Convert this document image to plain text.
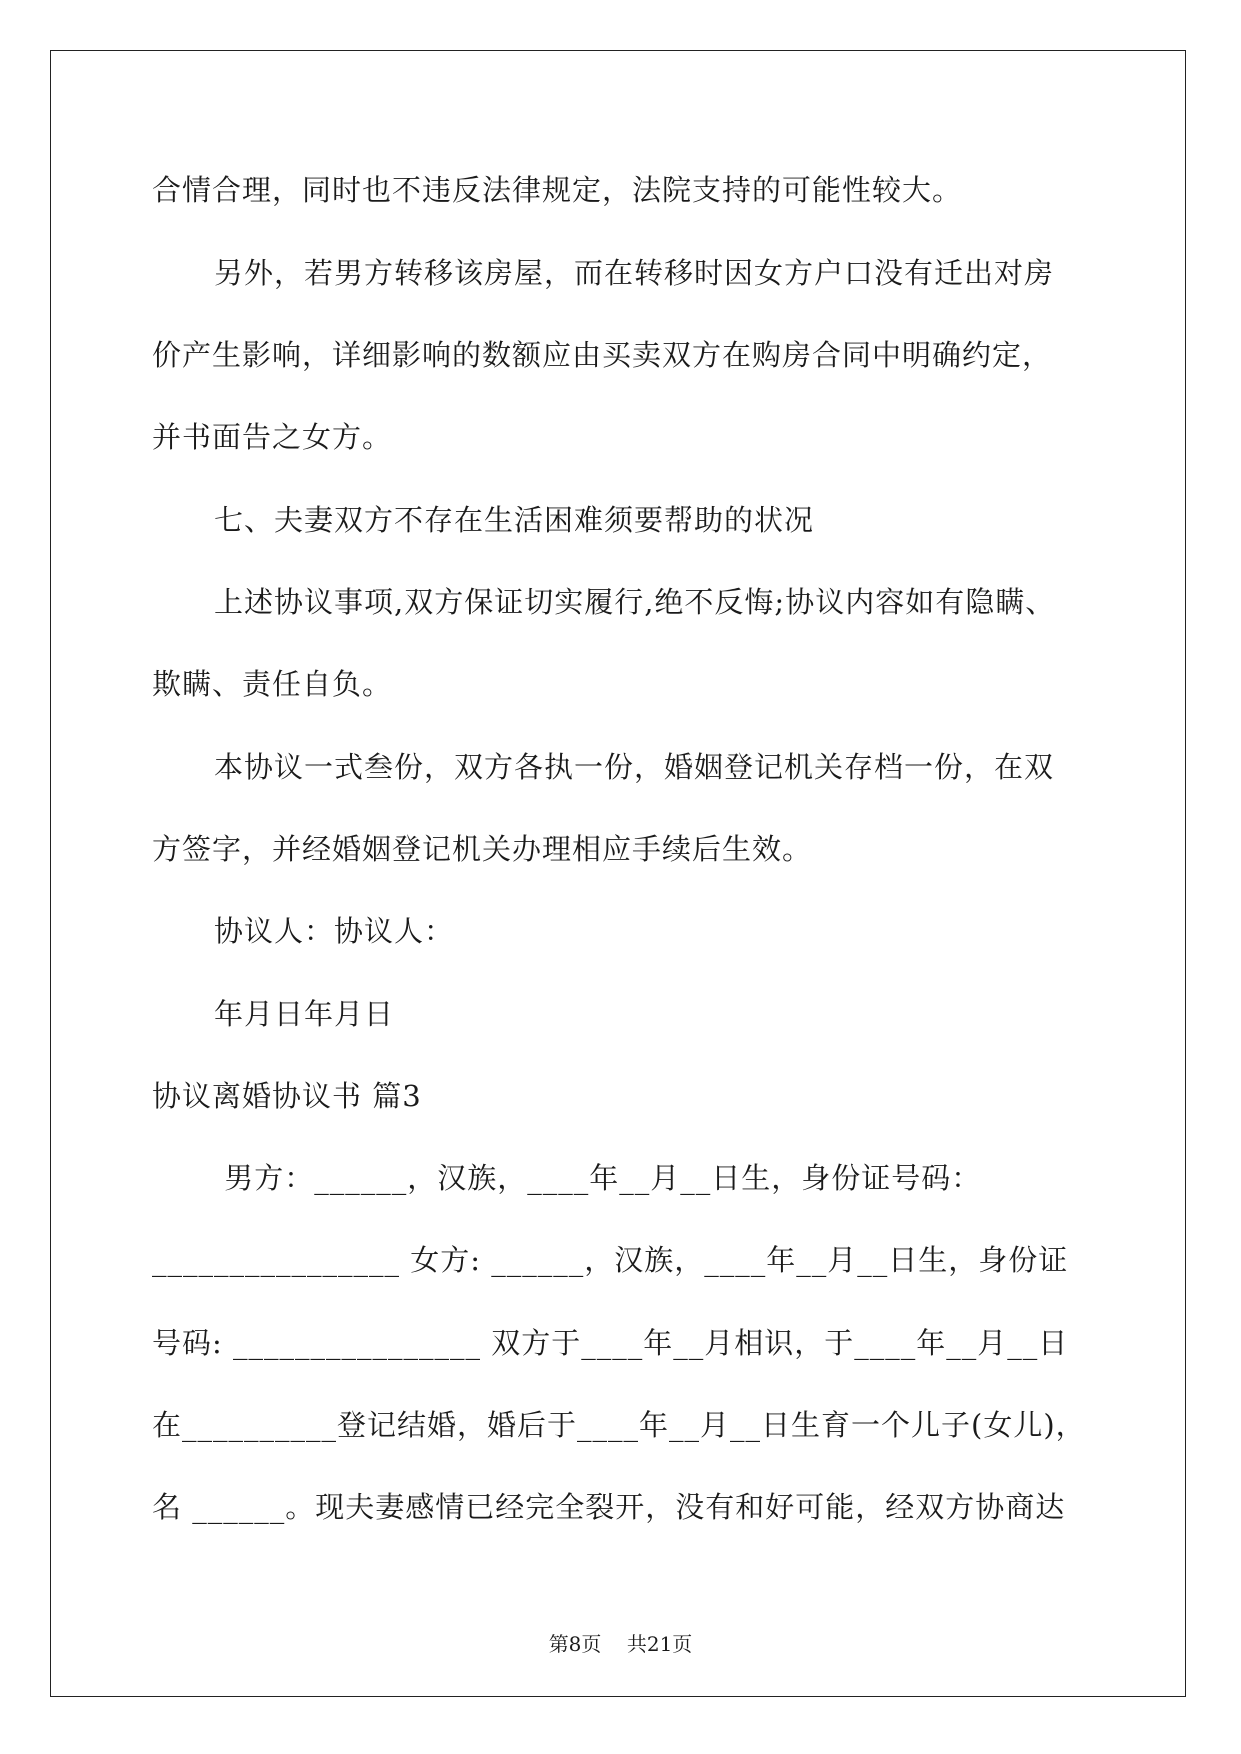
合情合理，同时也不违反法律规定，法院支持的可能性较大。
另外，若男方转移该房屋，而在转移时因女方户口没有迁出对房
价产生影响，详细影响的数额应由买卖双方在购房合同中明确约定，
并书面告之女方。
七、夫妻双方不存在生活困难须要帮助的状况
上述协议事项,双方保证切实履行,绝不反悔;协议内容如有隐瞒、
欺瞒、责任自负。
本协议一式叁份，双方各执一份，婚姻登记机关存档一份，在双
方签字，并经婚姻登记机关办理相应手续后生效。
协议人：协议人：
年月日年月日
协议离婚协议书 篇3
男方：______，汉族，____年__月__日生，身份证号码：
________________ 女方: ______，汉族，____年__月__日生，身份证
号码: ________________ 双方于____年__月相识，于____年__月__日
在__________登记结婚，婚后于____年__月__日生育一个儿子(女儿)，
名 ______。现夫妻感情已经完全裂开，没有和好可能，经双方协商达
第8页    共21页
